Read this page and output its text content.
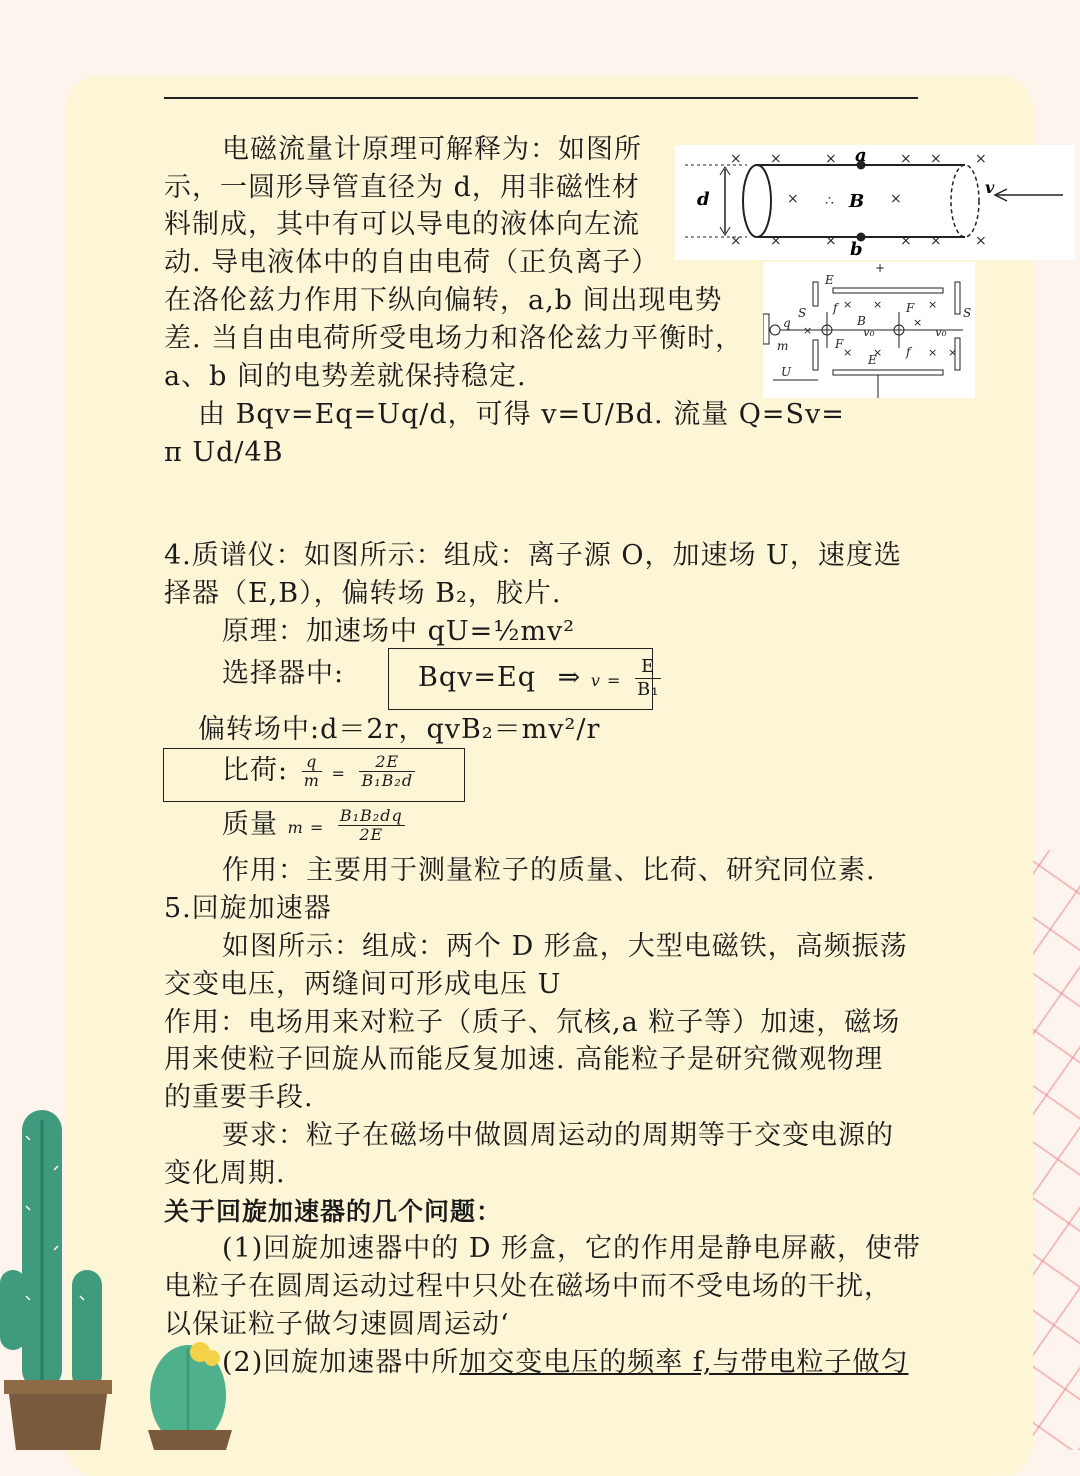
电磁流量计原理可解释为：如图所
示，一圆形导管直径为 d，用非磁性材
料制成，其中有可以导电的液体向左流
动. 导电液体中的自由电荷（正负离子）
在洛伦兹力作用下纵向偏转，a,b 间出现电势
差. 当自由电荷所受电场力和洛伦兹力平衡时，
a、b 间的电势差就保持稳定.
由 Bqv=Eq=Uq/d，可得 v=U/Bd. 流量 Q=Sv=
π Ud/4B
× ×	×	× × ×
× ×	×	× × ×
×	×
∴
d
a
b
B
v
+
E
E
S	S
q
m
U
B
F
F
f
f
v₀	v₀
× ×	×
× ×	×
×
×
×
4.质谱仪：如图所示：组成：离子源 O，加速场 U，速度选
择器（E,B），偏转场 B₂，胶片.
原理：加速场中 qU=½mv²
选择器中:	Bqv=Eq ⇒ $v = \frac{E}{\text{B₁}}$
偏转场中:d＝2r，qvB₂＝mv²/r
比荷: $\frac{q}{m} = \frac{2E}{\text{B₁B₂d}}$
质量 $m = \frac{\text{B₁B₂dq}}{2E}$
作用：主要用于测量粒子的质量、比荷、研究同位素.
5.回旋加速器
如图所示：组成：两个 D 形盒，大型电磁铁，高频振荡
交变电压，两缝间可形成电压 U
作用：电场用来对粒子（质子、氘核,a 粒子等）加速，磁场
用来使粒子回旋从而能反复加速. 高能粒子是研究微观物理
的重要手段.
要求：粒子在磁场中做圆周运动的周期等于交变电源的
变化周期.
关于回旋加速器的几个问题：
(1)回旋加速器中的 D 形盒，它的作用是静电屏蔽，使带
电粒子在圆周运动过程中只处在磁场中而不受电场的干扰，
以保证粒子做匀速圆周运动‘
(2)回旋加速器中所加交变电压的频率 f,与带电粒子做匀
